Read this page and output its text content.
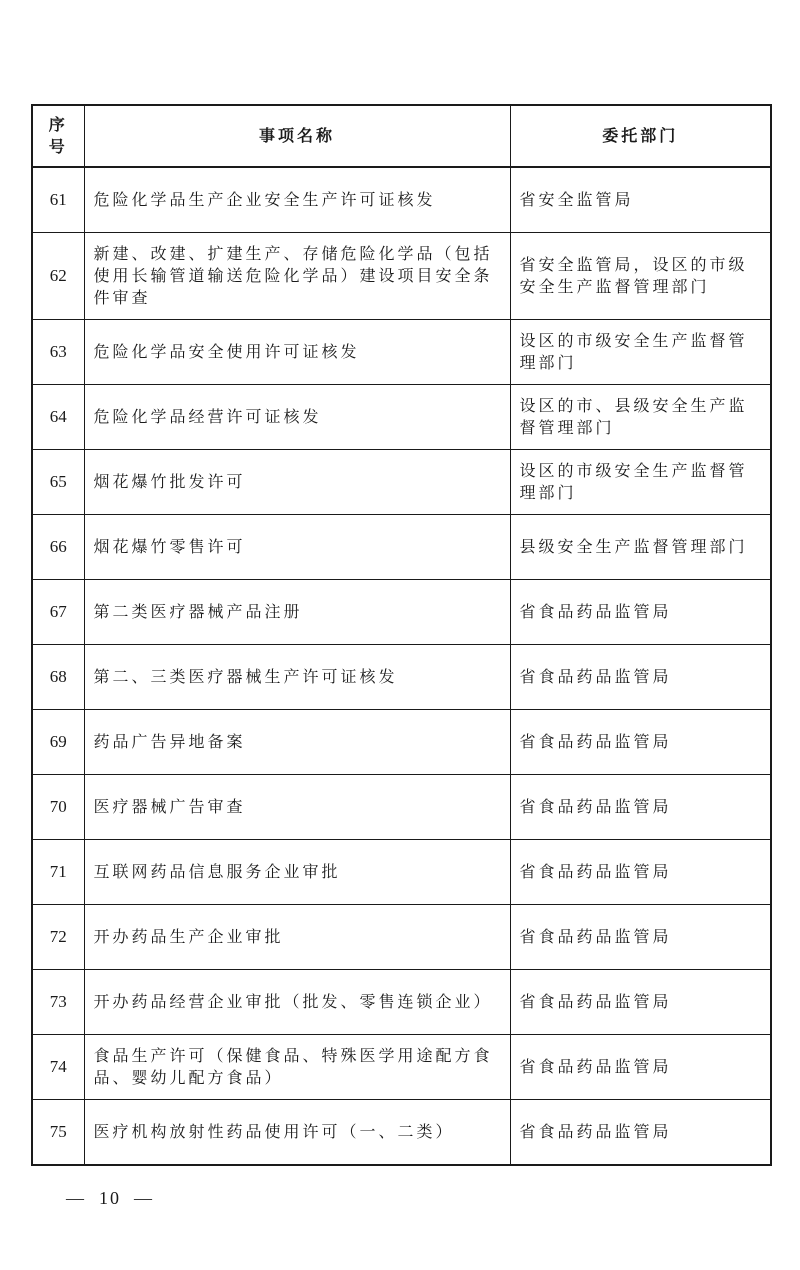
序号	事项名称	委托部门
61	危险化学品生产企业安全生产许可证核发	省安全监管局
62	新建、改建、扩建生产、存储危险化学品（包括使用长输管道输送危险化学品）建设项目安全条件审查	省安全监管局，设区的市级安全生产监督管理部门
63	危险化学品安全使用许可证核发	设区的市级安全生产监督管理部门
64	危险化学品经营许可证核发	设区的市、县级安全生产监督管理部门
65	烟花爆竹批发许可	设区的市级安全生产监督管理部门
66	烟花爆竹零售许可	县级安全生产监督管理部门
67	第二类医疗器械产品注册	省食品药品监管局
68	第二、三类医疗器械生产许可证核发	省食品药品监管局
69	药品广告异地备案	省食品药品监管局
70	医疗器械广告审查	省食品药品监管局
71	互联网药品信息服务企业审批	省食品药品监管局
72	开办药品生产企业审批	省食品药品监管局
73	开办药品经营企业审批（批发、零售连锁企业）	省食品药品监管局
74	食品生产许可（保健食品、特殊医学用途配方食品、婴幼儿配方食品）	省食品药品监管局
75	医疗机构放射性药品使用许可（一、二类）	省食品药品监管局
—  10  —
